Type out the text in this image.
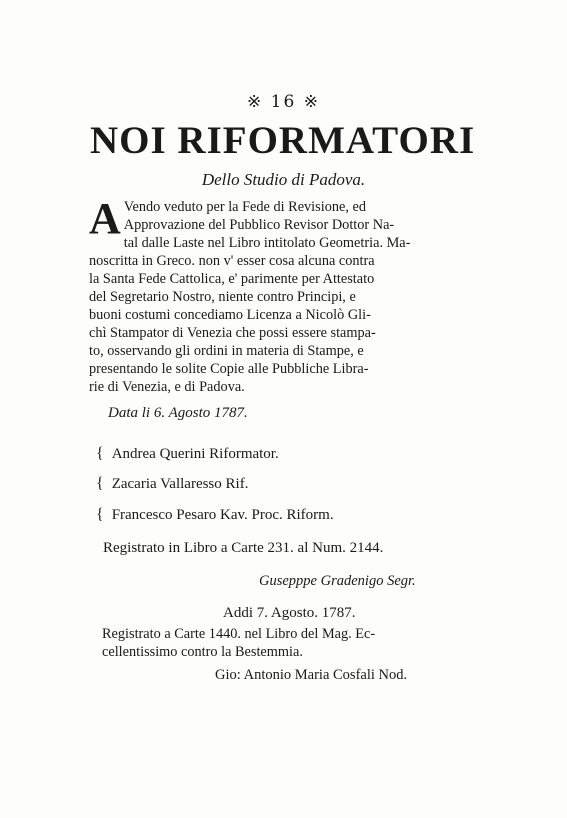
※ 16 ※
NOI RIFORMATORI
Dello Studio di Padova.
A Vendo veduto per la Fede di Revisione, ed
Approvazione del Pubblico Revisor Dottor Na-
tal dalle Laste nel Libro intitolato Geometria. Ma-
noscritta in Greco. non v' esser cosa alcuna contra
la Santa Fede Cattolica, e' parimente per Attestato
del Segretario Nostro, niente contro Principi, e
buoni costumi concediamo Licenza a Nicolò Gli-
chì Stampator di Venezia che possi essere stampa-
to, osservando gli ordini in materia di Stampe, e
presentando le solite Copie alle Pubbliche Libra-
rie di Venezia, e di Padova.
Data li 6. Agosto 1787.
{ Andrea Querini Riformator.
{ Zacaria Vallaresso Rif.
{ Francesco Pesaro Kav. Proc. Riform.
Registrato in Libro a Carte 231. al Num. 2144.
Gusepppe Gradenigo Segr.
Addi 7. Agosto. 1787.
Registrato a Carte 1440. nel Libro del Mag. Ec-
cellentissimo contro la Bestemmia.
Gio: Antonio Maria Cosfali Nod.
